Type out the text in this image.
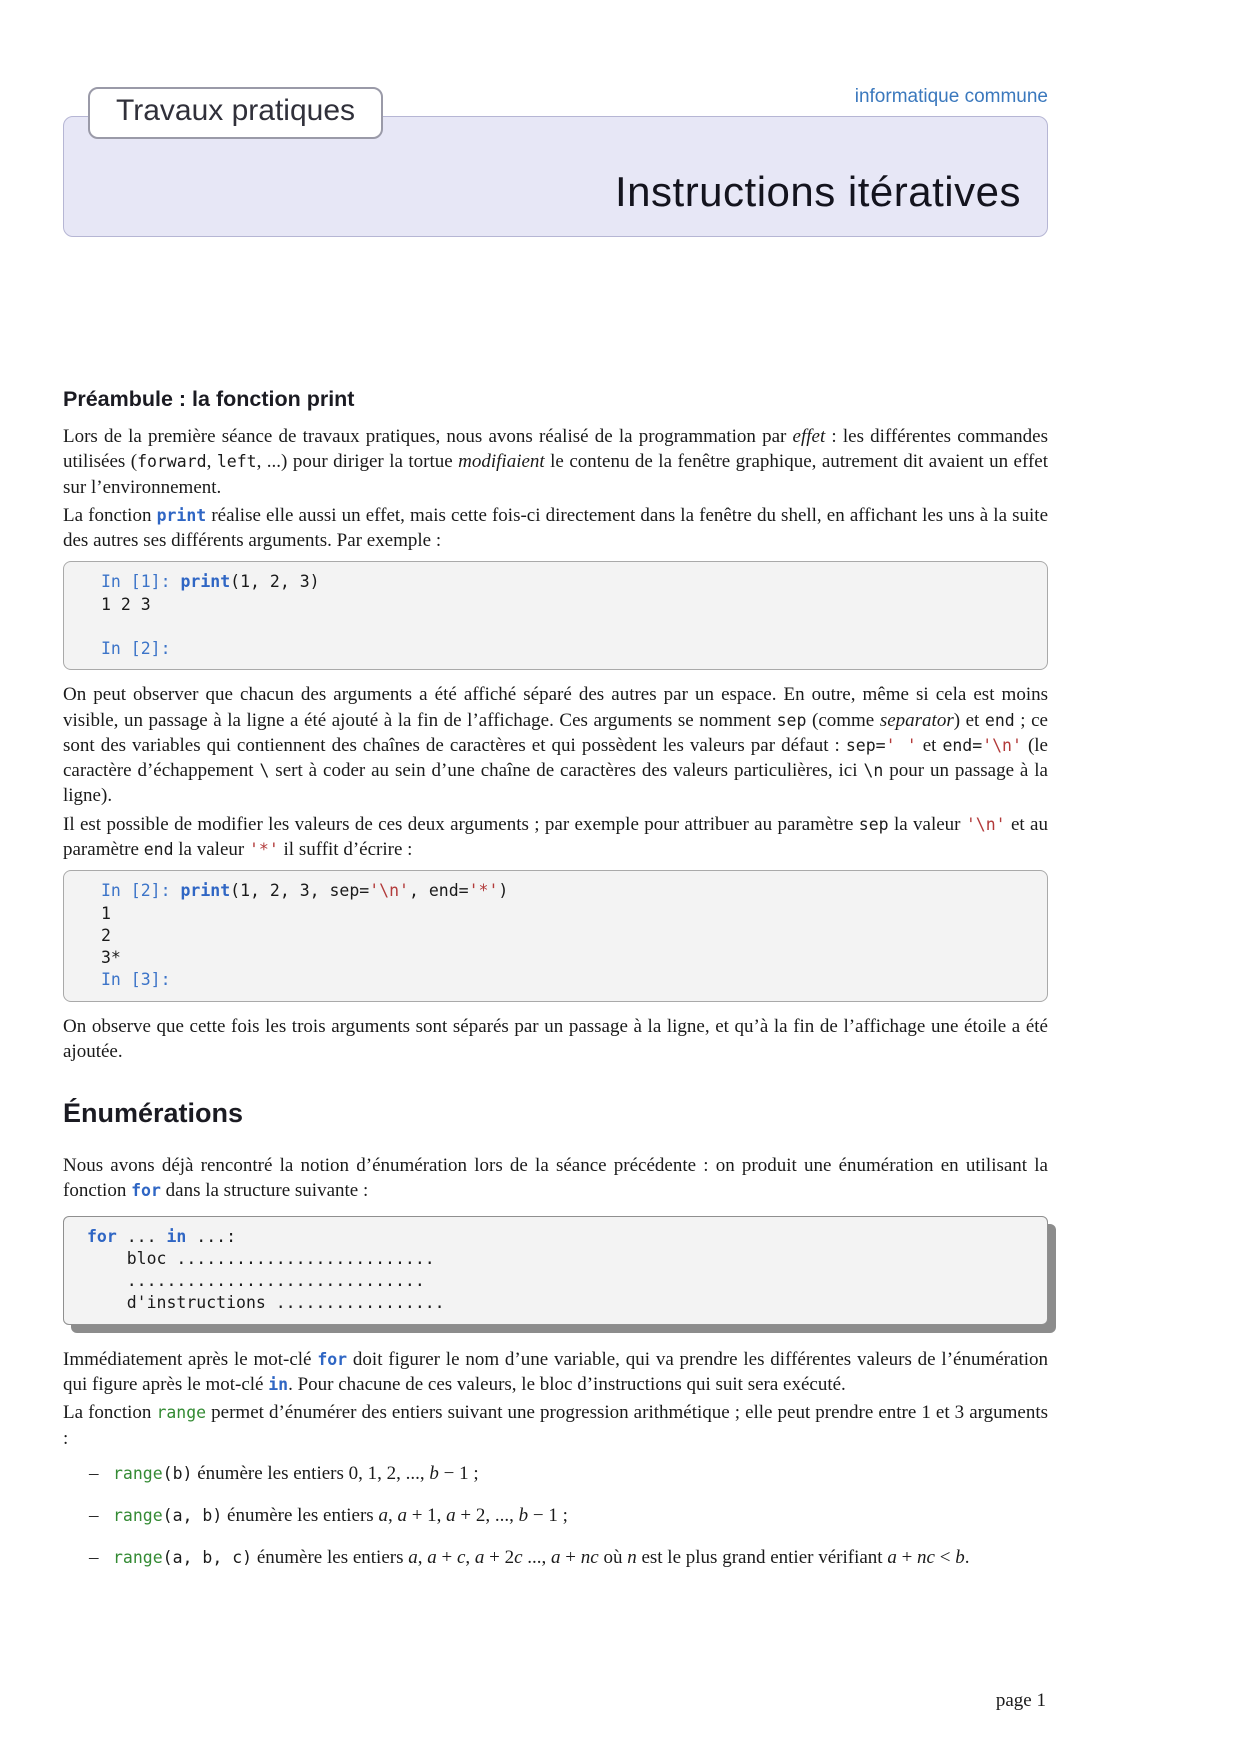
informatique commune
Travaux pratiques
Instructions itératives
Préambule : la fonction print

Lors de la première séance de travaux pratiques, nous avons réalisé de la programmation par effet : les différentes commandes utilisées (forward, left, ...) pour diriger la tortue modifiaient le contenu de la fenêtre graphique, autrement dit avaient un effet sur l’environnement.

La fonction print réalise elle aussi un effet, mais cette fois-ci directement dans la fenêtre du shell, en affichant les uns à la suite des autres ses différents arguments. Par exemple :

In [1]: print(1, 2, 3)
1 2 3

In [2]:

On peut observer que chacun des arguments a été affiché séparé des autres par un espace. En outre, même si cela est moins visible, un passage à la ligne a été ajouté à la fin de l’affichage. Ces arguments se nomment sep (comme separator) et end ; ce sont des variables qui contiennent des chaînes de caractères et qui possèdent les valeurs par défaut : sep=' ' et end='\n' (le caractère d’échappement \ sert à coder au sein d’une chaîne de caractères des valeurs particulières, ici \n pour un passage à la ligne).

Il est possible de modifier les valeurs de ces deux arguments ; par exemple pour attribuer au paramètre sep la valeur '\n' et au paramètre end la valeur '*' il suffit d’écrire :

In [2]: print(1, 2, 3, sep='\n', end='*')
1
2
3*
In [3]:

On observe que cette fois les trois arguments sont séparés par un passage à la ligne, et qu’à la fin de l’affichage une étoile a été ajoutée.

Énumérations

Nous avons déjà rencontré la notion d’énumération lors de la séance précédente : on produit une énumération en utilisant la fonction for dans la structure suivante :

for ... in ...:
bloc ..........................
..............................
d'instructions .................

Immédiatement après le mot-clé for doit figurer le nom d’une variable, qui va prendre les différentes valeurs de l’énumération qui figure après le mot-clé in. Pour chacune de ces valeurs, le bloc d’instructions qui suit sera exécuté.

La fonction range permet d’énumérer des entiers suivant une progression arithmétique ; elle peut prendre entre 1 et 3 arguments :

– range(b) énumère les entiers 0, 1, 2, ..., b − 1 ;
– range(a, b) énumère les entiers a, a + 1, a + 2, ..., b − 1 ;
– range(a, b, c) énumère les entiers a, a + c, a + 2c ..., a + nc où n est le plus grand entier vérifiant a + nc < b.
page 1
